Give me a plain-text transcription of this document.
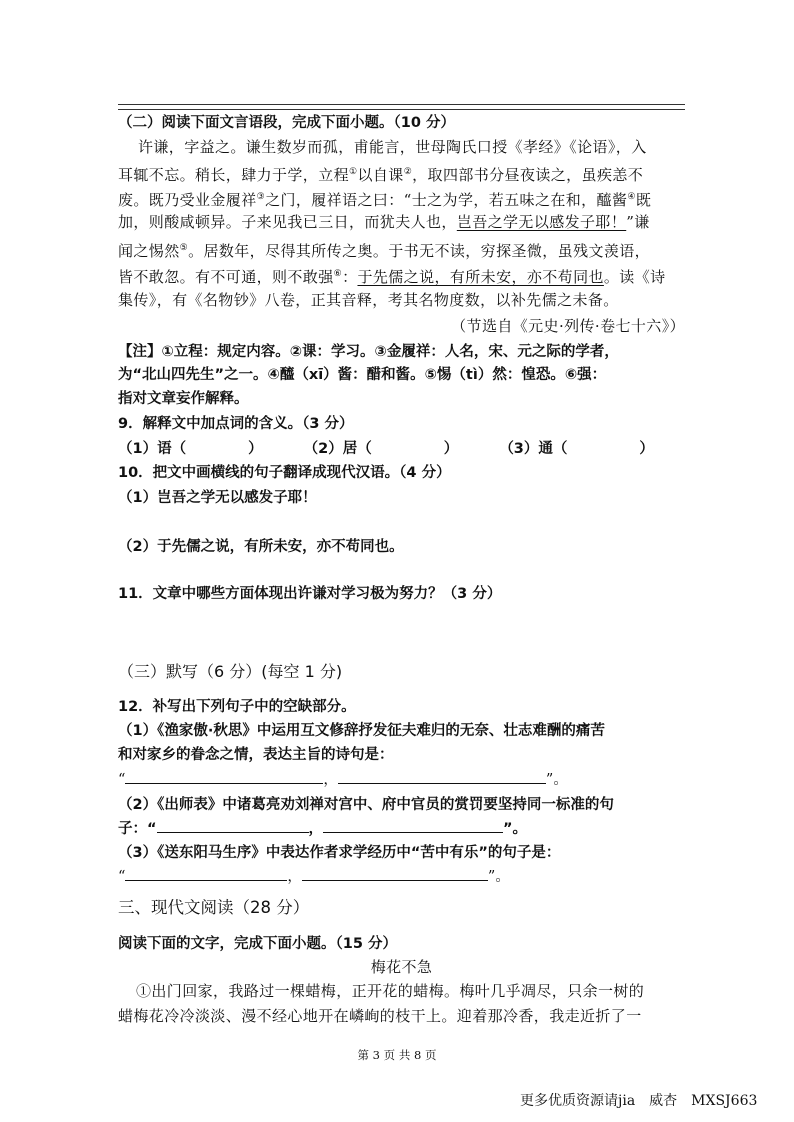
（二）阅读下面文言语段，完成下面小题。（10 分）
许谦，字益之。谦生数岁而孤，甫能言，世母陶氏口授《孝经》《论语》，入
耳辄不忘。稍长，肆力于学，立程①以自课②，取四部书分昼夜读之，虽疾恙不
废。既乃受业金履祥③之门，履祥语之曰：“士之为学，若五味之在和，醯酱④既
加，则酸咸顿异。子来见我已三日，而犹夫人也，岂吾之学无以感发子耶！”谦
闻之惕然⑤。居数年，尽得其所传之奥。于书无不读，穷探圣微，虽残文羡语，
皆不敢忽。有不可通，则不敢强⑥：于先儒之说，有所未安，亦不苟同也。读《诗
集传》，有《名物钞》八卷，正其音释，考其名物度数，以补先儒之未备。
（节选自《元史·列传·卷七十六》）
【注】①立程：规定内容。②课：学习。③金履祥：人名，宋、元之际的学者，
为“北山四先生”之一。④醯（xī）酱：醋和酱。⑤惕（tì）然：惶恐。⑥强：
指对文章妄作解释。
9．解释文中加点词的含义。（3 分）
（1）语（	）	（2）居（	）	（3）通（	）
10．把文中画横线的句子翻译成现代汉语。（4 分）
（1）岂吾之学无以感发子耶！
（2）于先儒之说，有所未安，亦不苟同也。
11．文章中哪些方面体现出许谦对学习极为努力？（3 分）
（三）默写（6 分）(每空 1 分)
12．补写出下列句子中的空缺部分。
（1）《渔家傲·秋思》中运用互文修辞抒发征夫难归的无奈、壮志难酬的痛苦
和对家乡的眷念之情，表达主旨的诗句是：
“	，	”。
（2）《出师表》中诸葛亮劝刘禅对宫中、府中官员的赏罚要坚持同一标准的句
子：“	，	”。
（3）《送东阳马生序》中表达作者求学经历中“苦中有乐”的句子是：
“	，	”。
三、现代文阅读（28 分）
阅读下面的文字，完成下面小题。（15 分）
梅花不急
①出门回家，我路过一棵蜡梅，正开花的蜡梅。梅叶几乎凋尽，只余一树的
蜡梅花冷冷淡淡、漫不经心地开在嶙峋的枝干上。迎着那冷香，我走近折了一
第 3 页 共 8 页
更多优质资源请jia　威杏　MXSJ663
